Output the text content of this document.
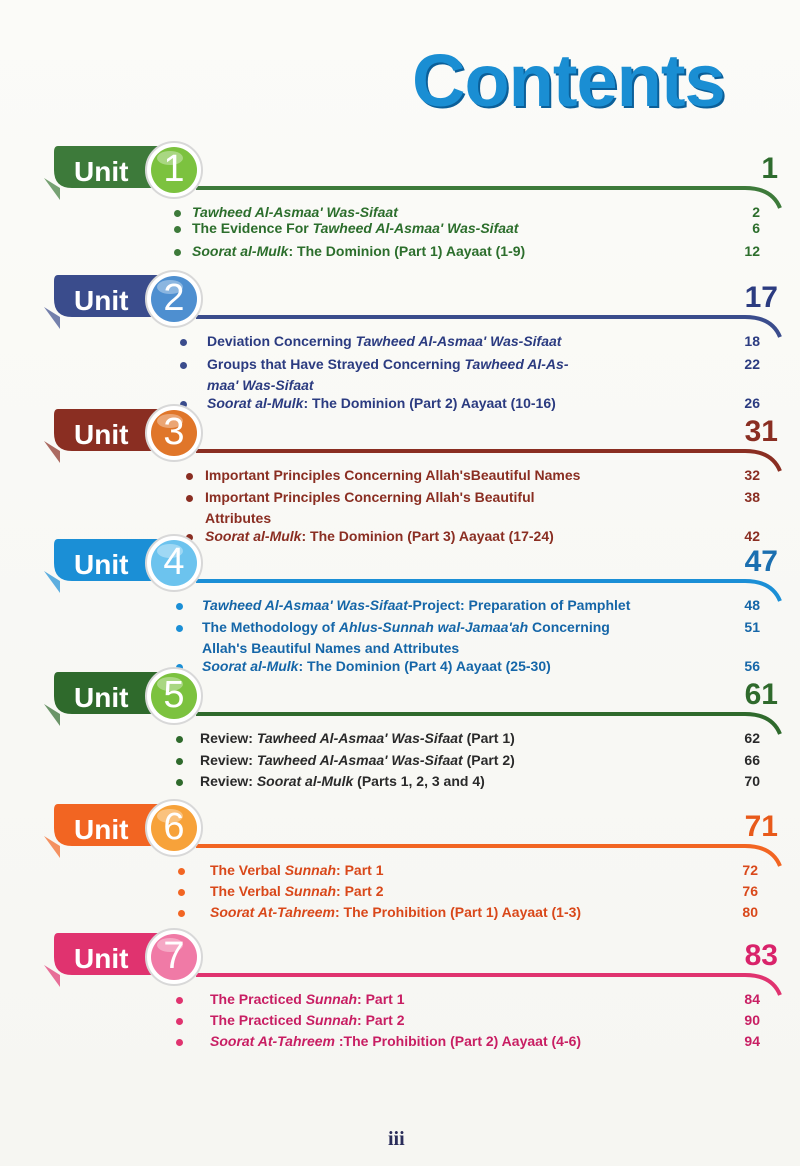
Contents
Unit 1	1
Tawheed Al-Asmaa' Was-Sifaat	2
The Evidence For Tawheed Al-Asmaa' Was-Sifaat	6
Soorat al-Mulk: The Dominion (Part 1) Aayaat (1-9)	12
Unit 2	17
Deviation Concerning Tawheed Al-Asmaa' Was-Sifaat	18
Groups that Have Strayed Concerning Tawheed Al-As-	22
maa' Was-Sifaat
Soorat al-Mulk: The Dominion (Part 2) Aayaat (10-16)	26
Unit 3	31
Important Principles Concerning Allah'sBeautiful Names	32
Important Principles Concerning Allah's Beautiful	38
Attributes
Soorat al-Mulk: The Dominion (Part 3) Aayaat (17-24)	42
Unit 4	47
Tawheed Al-Asmaa' Was-Sifaat-Project: Preparation of Pamphlet	48
The Methodology of Ahlus-Sunnah wal-Jamaa'ah Concerning	51
Allah's Beautiful Names and Attributes
Soorat al-Mulk: The Dominion (Part 4) Aayaat (25-30)	56
Unit 5	61
Review: Tawheed Al-Asmaa' Was-Sifaat (Part 1)	62
Review: Tawheed Al-Asmaa' Was-Sifaat (Part 2)	66
Review: Soorat al-Mulk (Parts 1, 2, 3 and 4)	70
Unit 6	71
The Verbal Sunnah: Part 1	72
The Verbal Sunnah: Part 2	76
Soorat At-Tahreem: The Prohibition (Part 1) Aayaat (1-3)	80
Unit 7	83
The Practiced Sunnah: Part 1	84
The Practiced Sunnah: Part 2	90
Soorat At-Tahreem :The Prohibition (Part 2) Aayaat (4-6)	94
iii
